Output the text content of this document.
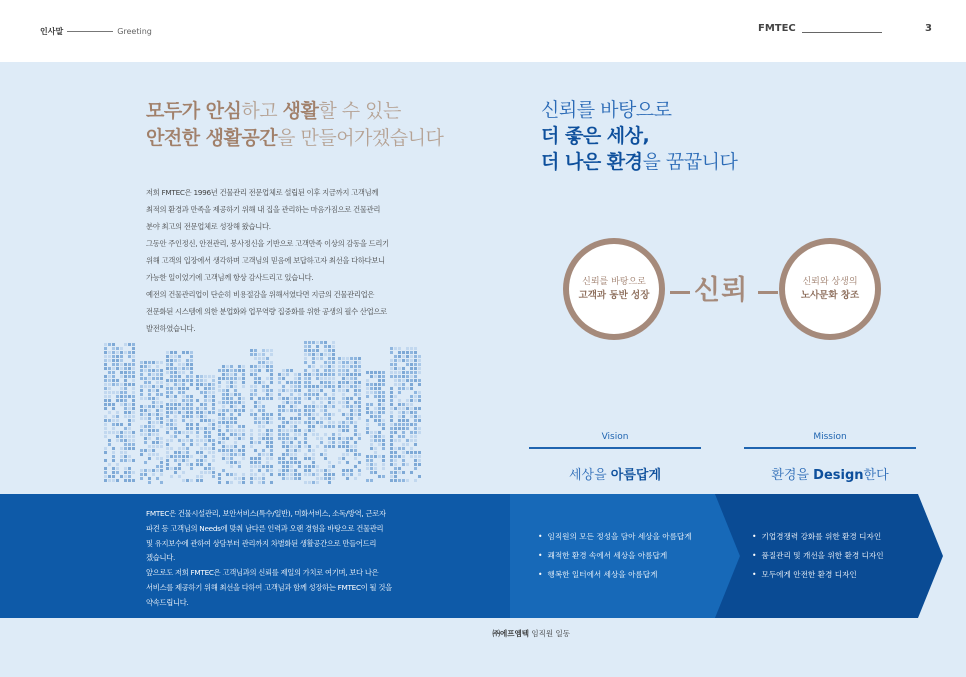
인사말	Greeting	FMTEC	3
모두가 안심하고 생활할 수 있는
안전한 생활공간을 만들어가겠습니다

저희 FMTEC은 1996년 건물관리 전문업체로 설립된 이후 지금까지 고객님께

최적의 환경과 만족을 제공하기 위해 내 집을 관리하는 마음가짐으로 건물관리

분야 최고의 전문업체로 성장해 왔습니다.

그동안 주인정신, 안전관리, 봉사정신을 기반으로 고객만족 이상의 감동을 드리기

위해 고객의 입장에서 생각하며 고객님의 믿음에 보답하고자 최선을 다하다보니

가능한 일이었기에 고객님께 항상 감사드리고 있습니다.

예전의 건물관리업이 단순히 비용절감을 위해서였다면 지금의 건물관리업은

전문화된 시스템에 의한 분업화와 업무역량 집중화를 위한 공생의 필수 산업으로

발전하였습니다.

신뢰를 바탕으로
더 좋은 세상,
더 나은 환경을 꿈꿉니다
신뢰를 바탕으로
고객과 동반 성장 신뢰	신뢰와 상생의
노사문화 창조
Vision
세상을 아름답게
Mission
환경을 Design한다

FMTEC은 건물시설관리, 보안서비스(특수/일반), 미화서비스, 소독/방역, 근로자

파견 등 고객님의 Needs에 맞춰 남다른 인력과 오랜 경험을 바탕으로 건물관리

및 유지보수에 관하여 상담부터 관리까지 차별화된 생활공간으로 만들어드리

겠습니다.

앞으로도 저희 FMTEC은 고객님과의 신뢰를 제일의 가치로 여기며, 보다 나은

서비스를 제공하기 위해 최선을 다하여 고객님과 함께 성장하는 FMTEC이 될 것을

약속드립니다.

• 임직원의 모든 정성을 담아 세상을 아름답게
• 쾌적한 환경 속에서 세상을 아름답게
• 행복한 일터에서 세상을 아름답게
• 기업경쟁력 강화를 위한 환경 디자인
• 품질관리 및 개선을 위한 환경 디자인
• 모두에게 안전한 환경 디자인
㈜에프엠텍 임직원 일동
